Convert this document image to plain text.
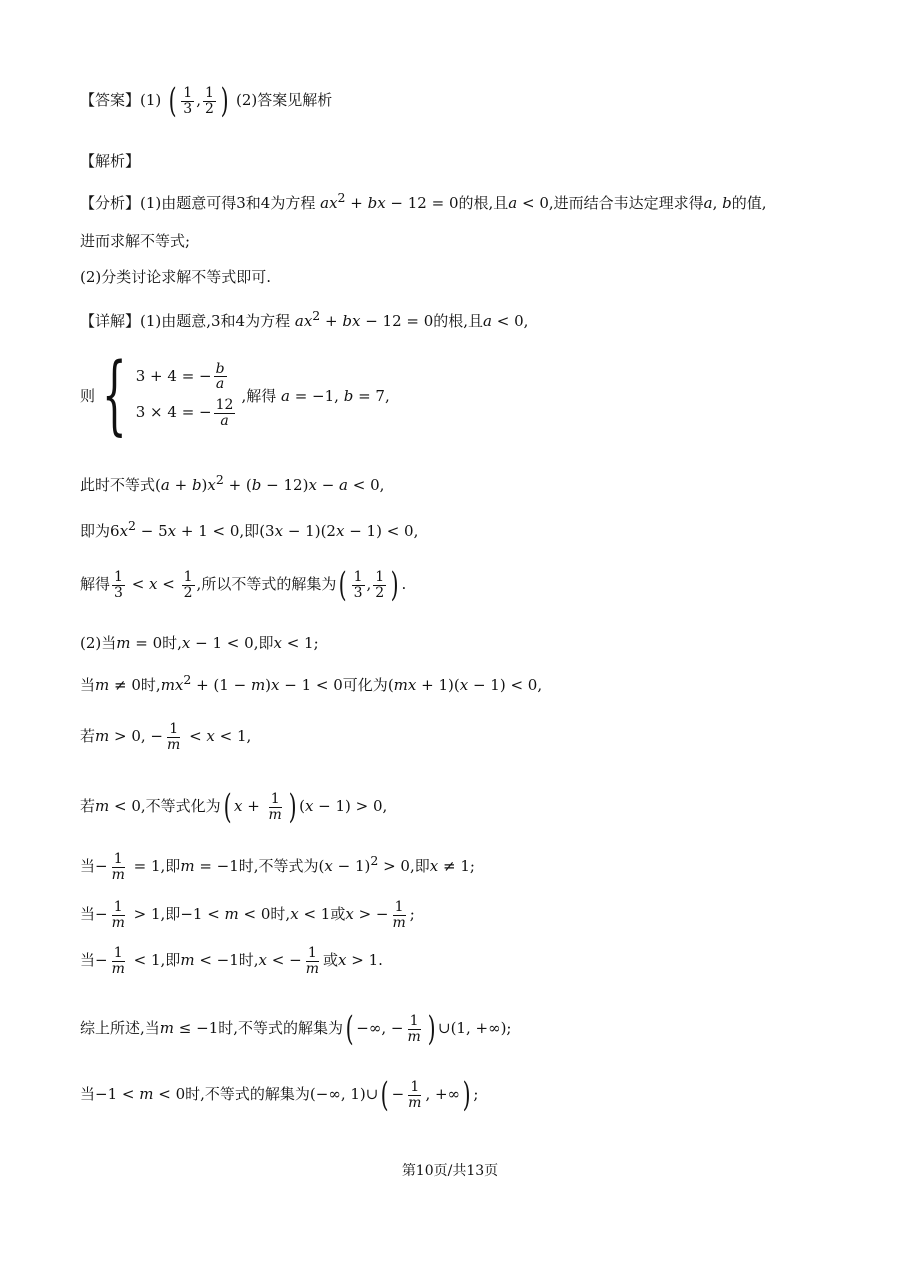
【答案】(1) ( $\frac{1}{3}$ , $\frac{1}{2}$ ) (2)答案见解析
【解析】
【分析】(1)由题意可得3和4为方程 $ax^2$ + bx − 12 = 0的根,且a < 0,进而结合韦达定理求得a, b的值,
进而求解不等式;
(2)分类讨论求解不等式即可.
【详解】(1)由题意,3和4为方程 $ax^2$ + bx − 12 = 0的根,且a < 0,
则 { 3 + 4 = − $\frac{b}{a}$
3 × 4 = − $\frac{12}{a}$
,解得 a = −1, b = 7,
此时不等式$(a + b)x^2 + (b - 12)x - a < 0$,
即为$6x^2 - 5x + 1 < 0$,即(3x − 1)(2x − 1) < 0,
解得 $\frac{1}{3} < x < \frac{1}{2}$ ,所以不等式的解集为( $\frac{1}{3}$ , $\frac{1}{2}$ ) .
(2)当m = 0时,x − 1 < 0,即x < 1;
当m ≠ 0时$,mx^2 + (1 - m)x - 1 < 0$可化为(mx + 1)(x − 1) < 0,
若m > 0, − $\frac{1}{m} < x < 1$,
若m < 0,不等式化为( $x + \frac{1}{m}$ ) (x − 1) > 0,
当− $\frac{1}{m} = 1$,即m = −1时,不等式为$(x - 1)^2 > 0$,即x ≠ 1;
当− $\frac{1}{m} > 1$,即−1 < m < 0时,x < 1或x > − $\frac{1}{m}$ ;
当− $\frac{1}{m} < 1$,即m < −1时,x < − $\frac{1}{m}$ 或x > 1.
综上所述,当m ≤ −1时,不等式的解集为( −∞, − $\frac{1}{m}$ ) ∪(1, +∞);
当−1 < m < 0时,不等式的解集为(−∞, 1)∪( − $\frac{1}{m}$ , +∞) ;
第10页/共13页
